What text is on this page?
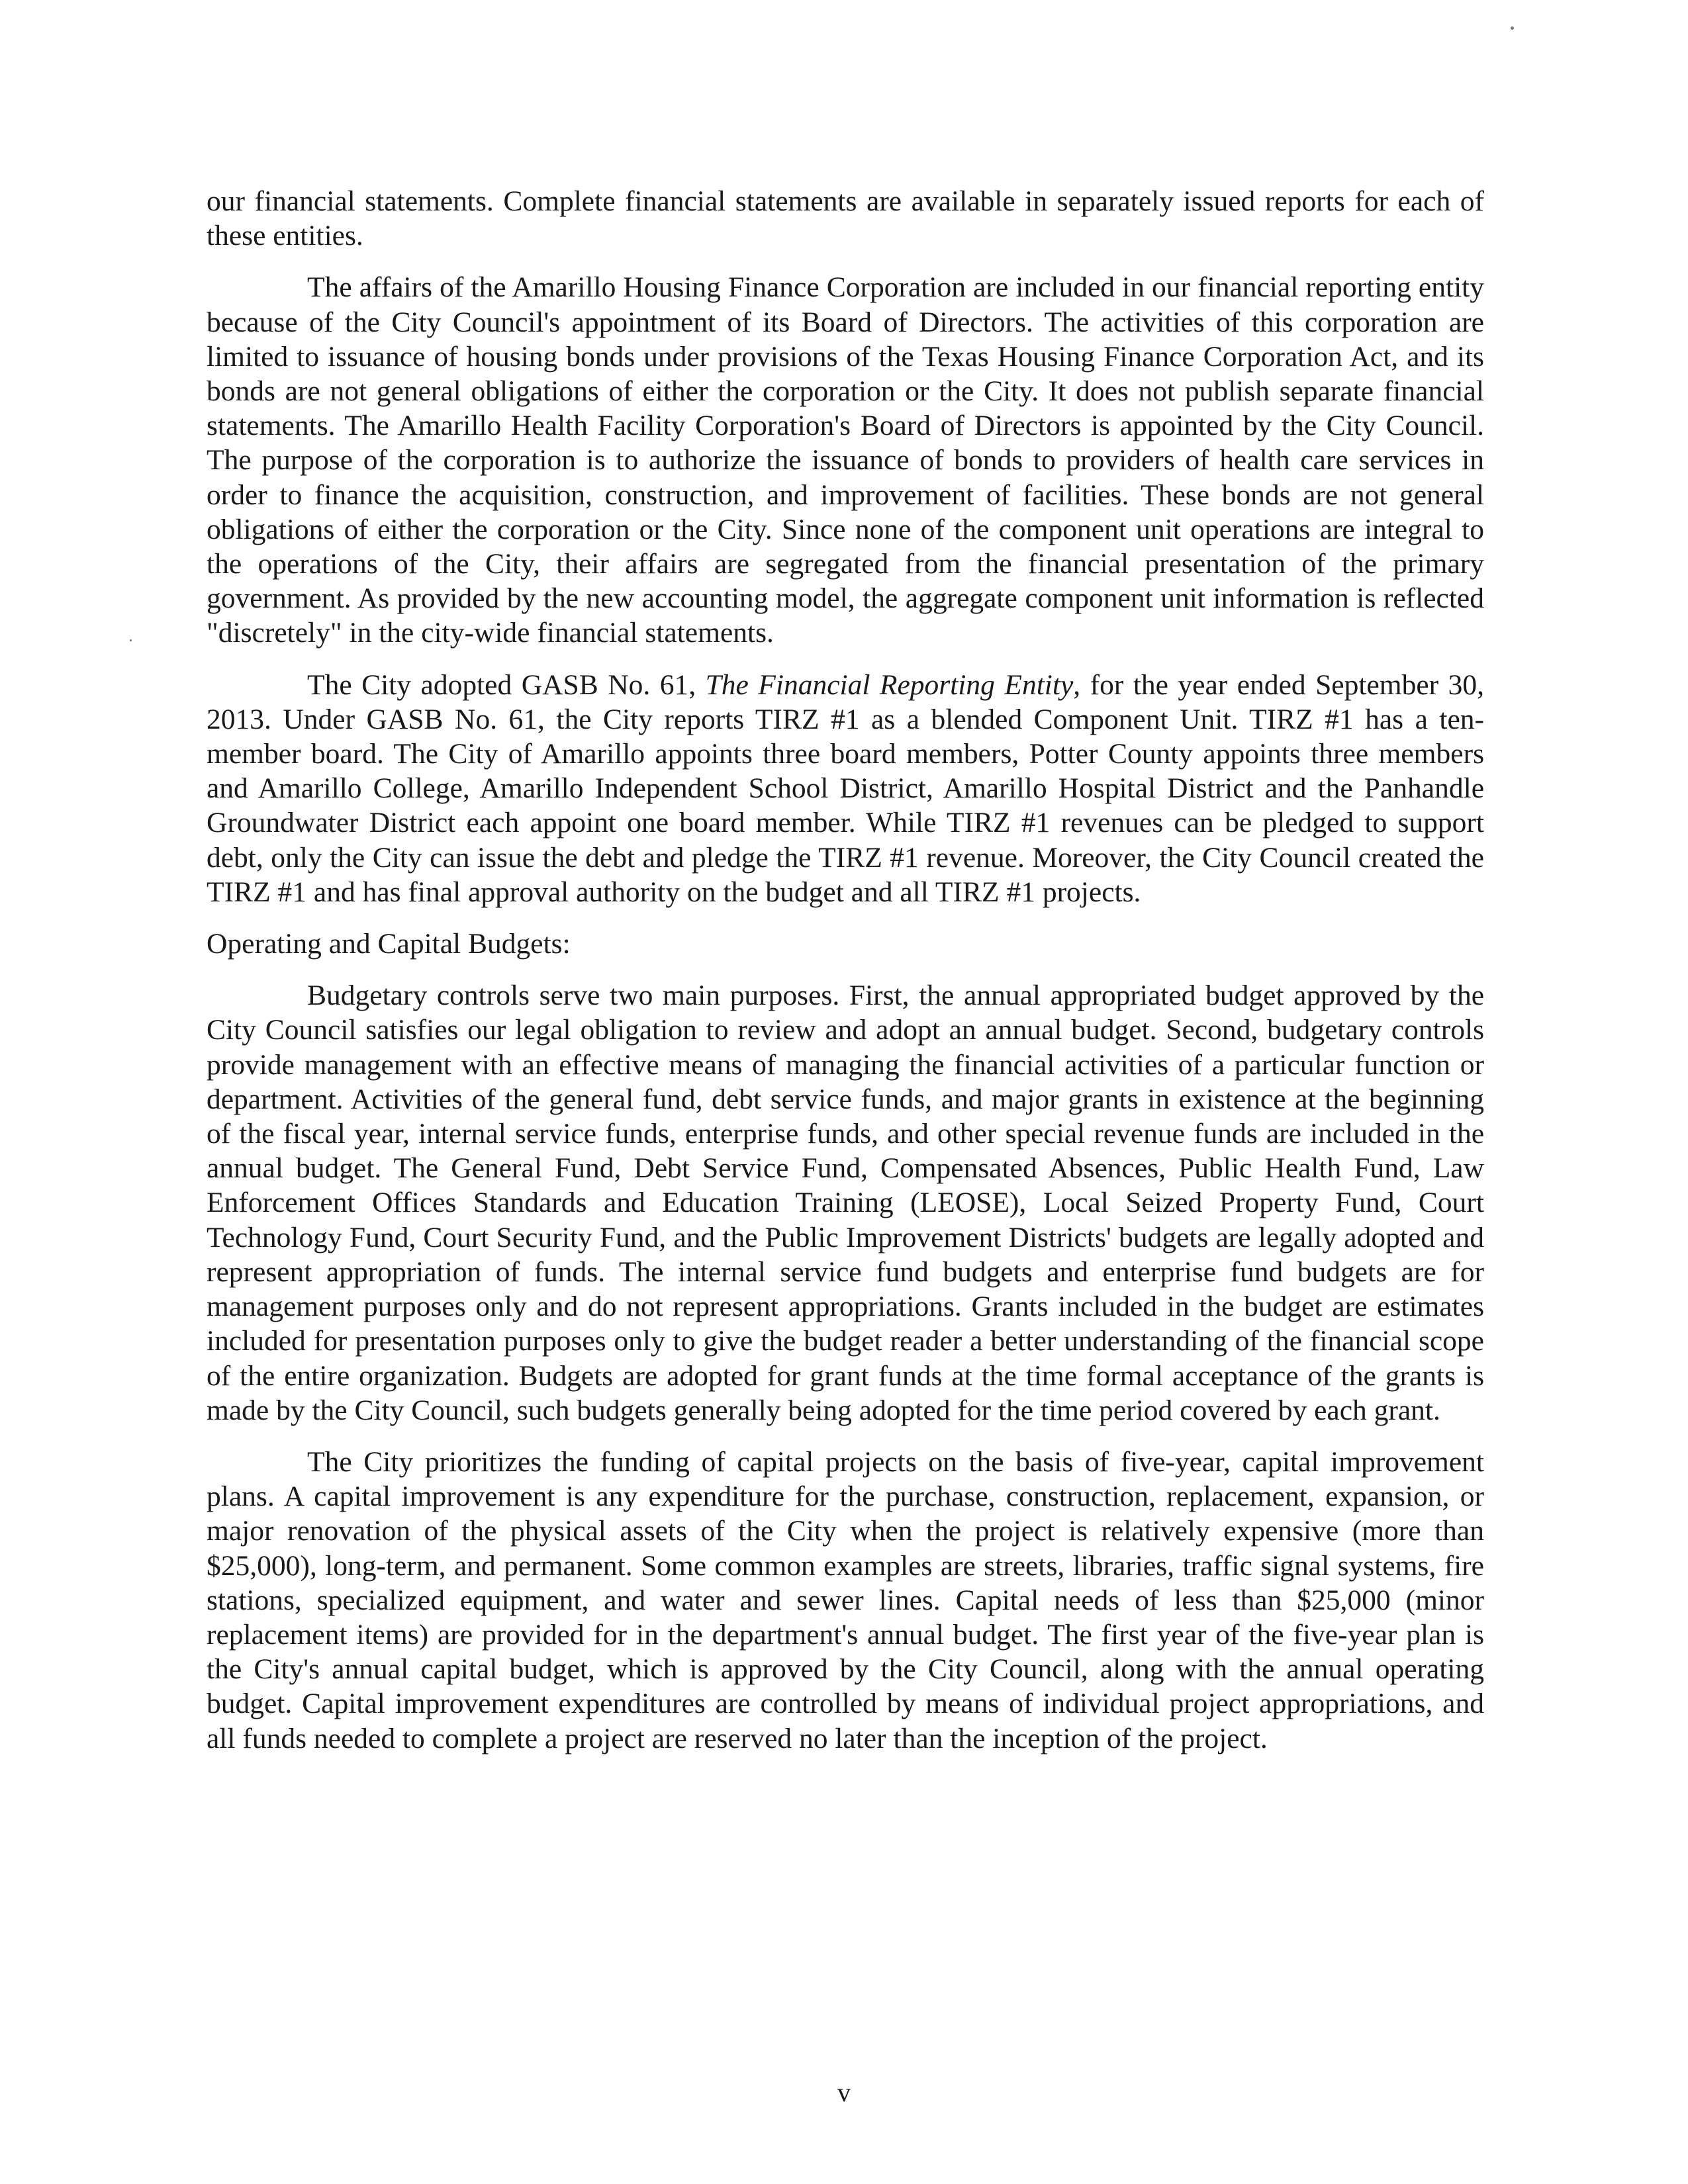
our financial statements. Complete financial statements are available in separately issued reports for each of these entities.

The affairs of the Amarillo Housing Finance Corporation are included in our financial reporting entity because of the City Council's appointment of its Board of Directors. The activities of this corporation are limited to issuance of housing bonds under provisions of the Texas Housing Finance Corporation Act, and its bonds are not general obligations of either the corporation or the City. It does not publish separate financial statements. The Amarillo Health Facility Corporation's Board of Directors is appointed by the City Council. The purpose of the corporation is to authorize the issuance of bonds to providers of health care services in order to finance the acquisition, construction, and improvement of facilities. These bonds are not general obligations of either the corporation or the City. Since none of the component unit operations are integral to the operations of the City, their affairs are segregated from the financial presentation of the primary government. As provided by the new accounting model, the aggregate component unit information is reflected "discretely" in the city-wide financial statements.

The City adopted GASB No. 61, The Financial Reporting Entity, for the year ended September 30, 2013. Under GASB No. 61, the City reports TIRZ #1 as a blended Component Unit. TIRZ #1 has a ten-member board. The City of Amarillo appoints three board members, Potter County appoints three members and Amarillo College, Amarillo Independent School District, Amarillo Hospital District and the Panhandle Groundwater District each appoint one board member. While TIRZ #1 revenues can be pledged to support debt, only the City can issue the debt and pledge the TIRZ #1 revenue. Moreover, the City Council created the TIRZ #1 and has final approval authority on the budget and all TIRZ #1 projects.

Operating and Capital Budgets:

Budgetary controls serve two main purposes. First, the annual appropriated budget approved by the City Council satisfies our legal obligation to review and adopt an annual budget. Second, budgetary controls provide management with an effective means of managing the financial activities of a particular function or department. Activities of the general fund, debt service funds, and major grants in existence at the beginning of the fiscal year, internal service funds, enterprise funds, and other special revenue funds are included in the annual budget. The General Fund, Debt Service Fund, Compensated Absences, Public Health Fund, Law Enforcement Offices Standards and Education Training (LEOSE), Local Seized Property Fund, Court Technology Fund, Court Security Fund, and the Public Improvement Districts' budgets are legally adopted and represent appropriation of funds. The internal service fund budgets and enterprise fund budgets are for management purposes only and do not represent appropriations. Grants included in the budget are estimates included for presentation purposes only to give the budget reader a better understanding of the financial scope of the entire organization. Budgets are adopted for grant funds at the time formal acceptance of the grants is made by the City Council, such budgets generally being adopted for the time period covered by each grant.

The City prioritizes the funding of capital projects on the basis of five-year, capital improvement plans. A capital improvement is any expenditure for the purchase, construction, replacement, expansion, or major renovation of the physical assets of the City when the project is relatively expensive (more than $25,000), long-term, and permanent. Some common examples are streets, libraries, traffic signal systems, fire stations, specialized equipment, and water and sewer lines. Capital needs of less than $25,000 (minor replacement items) are provided for in the department's annual budget. The first year of the five-year plan is the City's annual capital budget, which is approved by the City Council, along with the annual operating budget. Capital improvement expenditures are controlled by means of individual project appropriations, and all funds needed to complete a project are reserved no later than the inception of the project.

v
